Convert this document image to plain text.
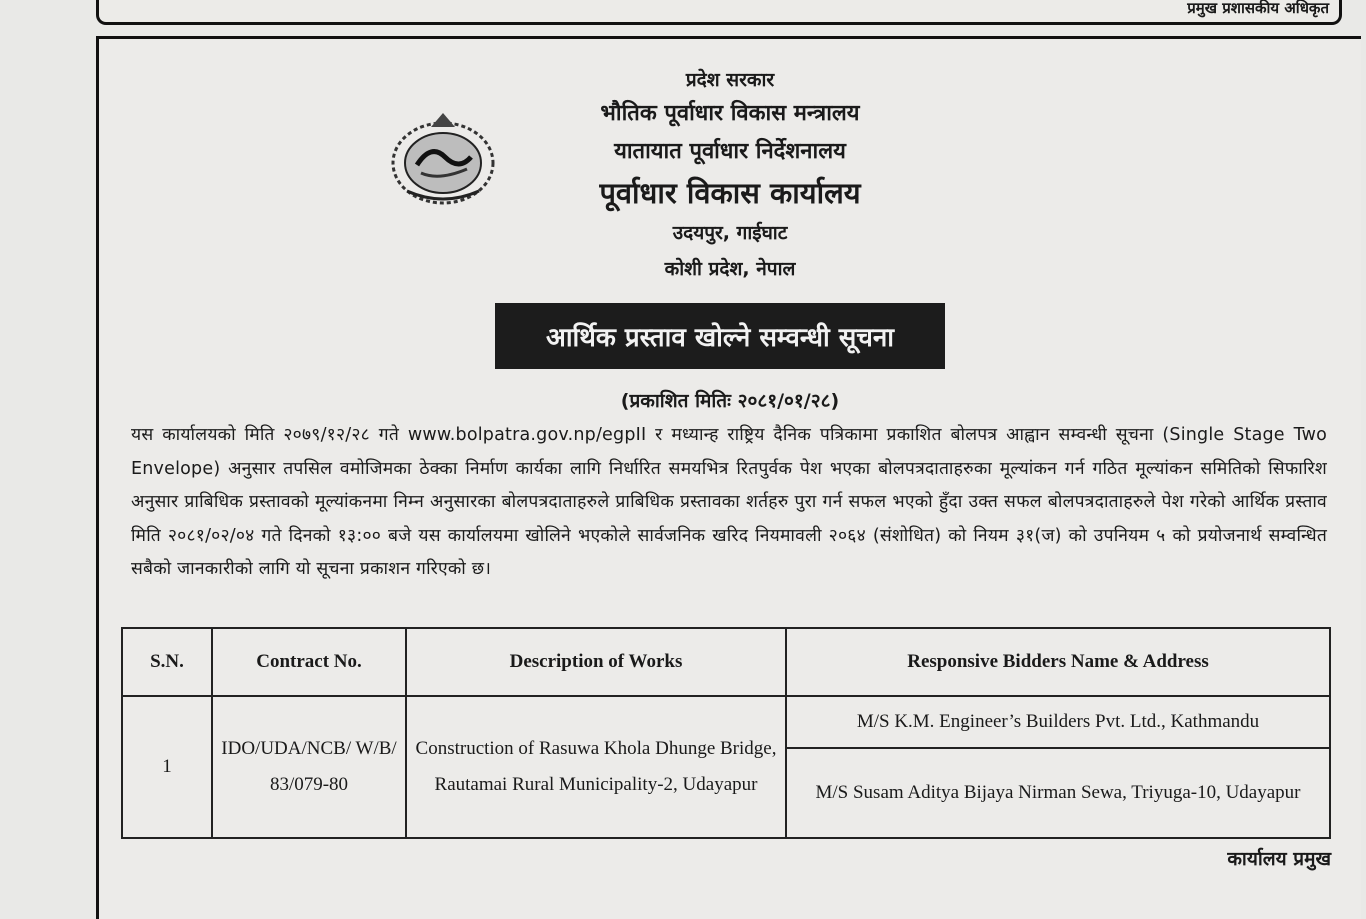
प्रमुख प्रशासकीय अधिकृत
प्रदेश सरकार
भौतिक पूर्वाधार विकास मन्त्रालय
यातायात पूर्वाधार निर्देशनालय
पूर्वाधार विकास कार्यालय
उदयपुर, गाईघाट
कोशी प्रदेश, नेपाल
आर्थिक प्रस्ताव खोल्ने सम्वन्धी सूचना
(प्रकाशित मितिः २०८१/०१/२८)
यस कार्यालयको मिति २०७९/१२/२८ गते www.bolpatra.gov.np/egpII र मध्यान्ह राष्ट्रिय दैनिक पत्रिकामा प्रकाशित बोलपत्र आह्वान सम्वन्धी सूचना (Single Stage Two Envelope) अनुसार तपसिल वमोजिमका ठेक्का निर्माण कार्यका लागि निर्धारित समयभित्र रितपुर्वक पेश भएका बोलपत्रदाताहरुका मूल्यांकन गर्न गठित मूल्यांकन समितिको सिफारिश अनुसार प्राबिधिक प्रस्तावको मूल्यांकनमा निम्न अनुसारका बोलपत्रदाताहरुले प्राबिधिक प्रस्तावका शर्तहरु पुरा गर्न सफल भएको हुँदा उक्त सफल बोलपत्रदाताहरुले पेश गरेको आर्थिक प्रस्ताव मिति २०८१/०२/०४ गते दिनको १३:०० बजे यस कार्यालयमा खोलिने भएकोले सार्वजनिक खरिद नियमावली २०६४ (संशोधित) को नियम ३१(ज) को उपनियम ५ को प्रयोजनार्थ सम्वन्धित सबैको जानकारीको लागि यो सूचना प्रकाशन गरिएको छ।
S.N.	Contract No.	Description of Works	Responsive Bidders Name & Address
1	IDO/UDA/NCB/ W/B/ 83/079-80	Construction of Rasuwa Khola Dhunge Bridge, Rautamai Rural Municipality-2, Udayapur	M/S K.M. Engineer’s Builders Pvt. Ltd., Kathmandu
			M/S Susam Aditya Bijaya Nirman Sewa, Triyuga-10, Udayapur
कार्यालय प्रमुख
